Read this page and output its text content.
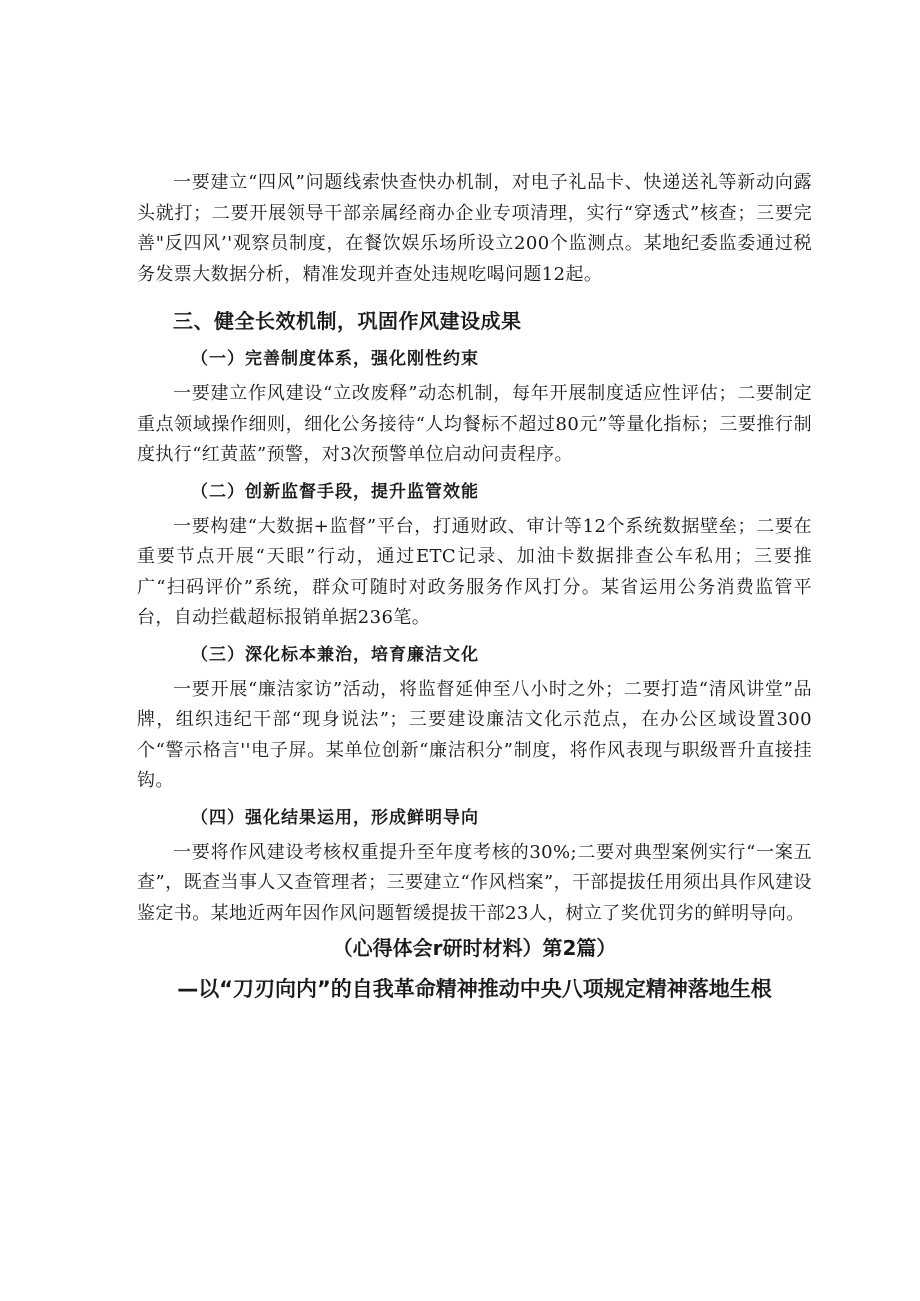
一要建立“四风”问题线索快查快办机制，对电子礼品卡、快递送礼等新动向露头就打；二要开展领导干部亲属经商办企业专项清理，实行“穿透式”核查；三要完善"反四风’'观察员制度，在餐饮娱乐场所设立200个监测点。某地纪委监委通过税务发票大数据分析，精准发现并查处违规吃喝问题12起。

三、健全长效机制，巩固作风建设成果
（一）完善制度体系，强化刚性约束

一要建立作风建设“立改废释”动态机制，每年开展制度适应性评估；二要制定重点领域操作细则，细化公务接待“人均餐标不超过80元”等量化指标；三要推行制度执行“红黄蓝”预警，对3次预警单位启动问责程序。

（二）创新监督手段，提升监管效能

一要构建“大数据+监督”平台，打通财政、审计等12个系统数据壁垒；二要在重要节点开展“天眼”行动，通过ETC记录、加油卡数据排查公车私用；三要推广“扫码评价”系统，群众可随时对政务服务作风打分。某省运用公务消费监管平台，自动拦截超标报销单据236笔。

（三）深化标本兼治，培育廉洁文化

一要开展“廉洁家访”活动，将监督延伸至八小时之外；二要打造“清风讲堂”品牌，组织违纪干部“现身说法”；三要建设廉洁文化示范点，在办公区域设置300个“警示格言''电子屏。某单位创新“廉洁积分”制度，将作风表现与职级晋升直接挂钩。

（四）强化结果运用，形成鲜明导向

一要将作风建设考核权重提升至年度考核的30%;二要对典型案例实行“一案五查”，既查当事人又查管理者；三要建立“作风档案”，干部提拔任用须出具作风建设鉴定书。某地近两年因作风问题暂缓提拔干部23人，树立了奖优罚劣的鲜明导向。

（心得体会r研时材料）第2篇）
—以“刀刃向内”的自我革命精神推动中央八项规定精神落地生根
